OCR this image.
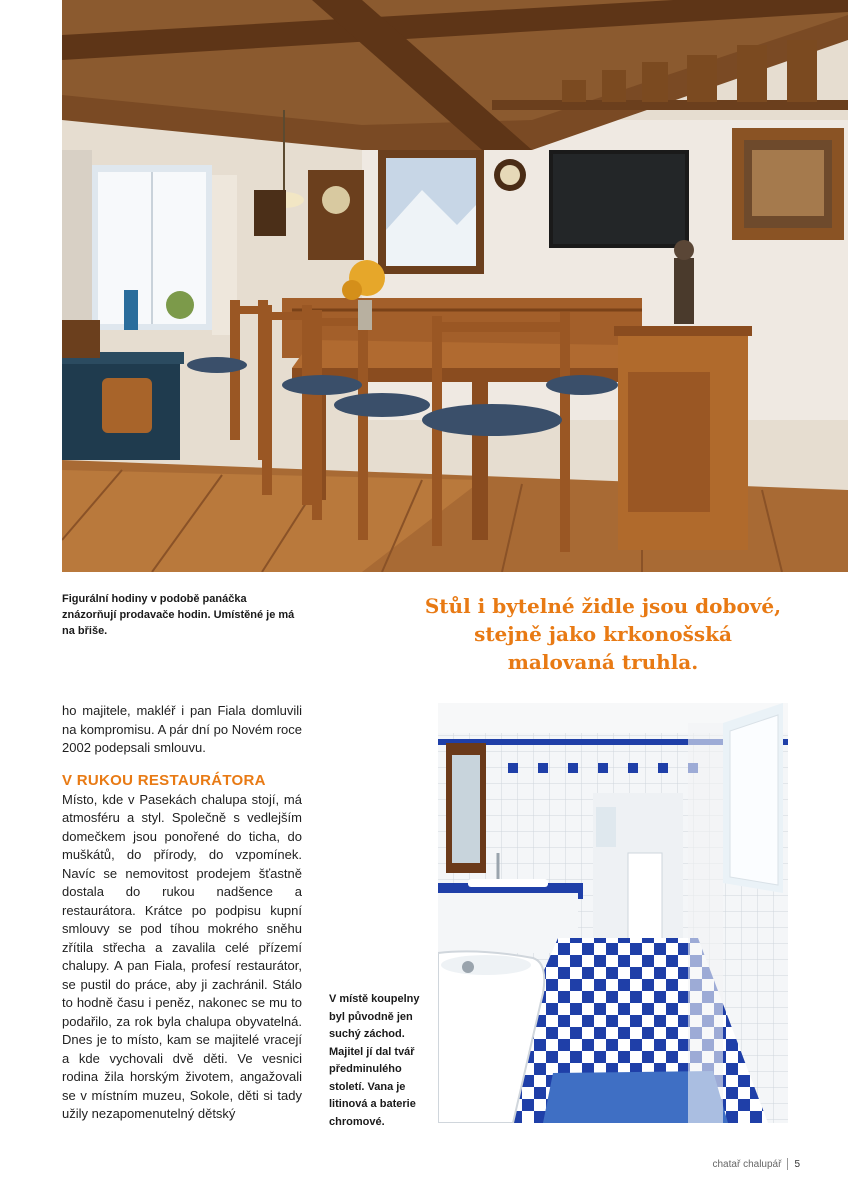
Figurální hodiny v podobě panáčka znázorňují prodavače hodin. Umístěné je má na břiše.
Stůl i bytelné židle jsou dobové, stejně jako krkonošská malovaná truhla.

ho majitele, makléř i pan Fiala domluvili na kompromisu. A pár dní po Novém roce 2002 podepsali smlouvu.

V RUKOU RESTAURÁTORA

Místo, kde v Pasekách chalupa stojí, má atmosféru a styl. Společně s vedlejším domečkem jsou ponořené do ticha, do muškátů, do přírody, do vzpomínek. Navíc se nemovitost prodejem šťastně dostala do rukou nadšence a restaurátora. Krátce po podpisu kupní smlouvy se pod tíhou mokrého sněhu zřítila střecha a zavalila celé přízemí chalupy. A pan Fiala, profesí restaurátor, se pustil do práce, aby ji zachránil. Stálo to hodně času i peněz, nakonec se mu to podařilo, za rok byla chalupa obyvatelná. Dnes je to místo, kam se majitelé vracejí a kde vychovali dvě děti. Ve vesnici rodina žila horským životem, angažovali se v místním muzeu, Sokole, děti si tady užily nezapomenutelný dětský

V místě koupelny byl původně jen suchý záchod. Majitel jí dal tvář předminulého století. Vana je litinová a baterie chromové.
chatař chalupář 5
